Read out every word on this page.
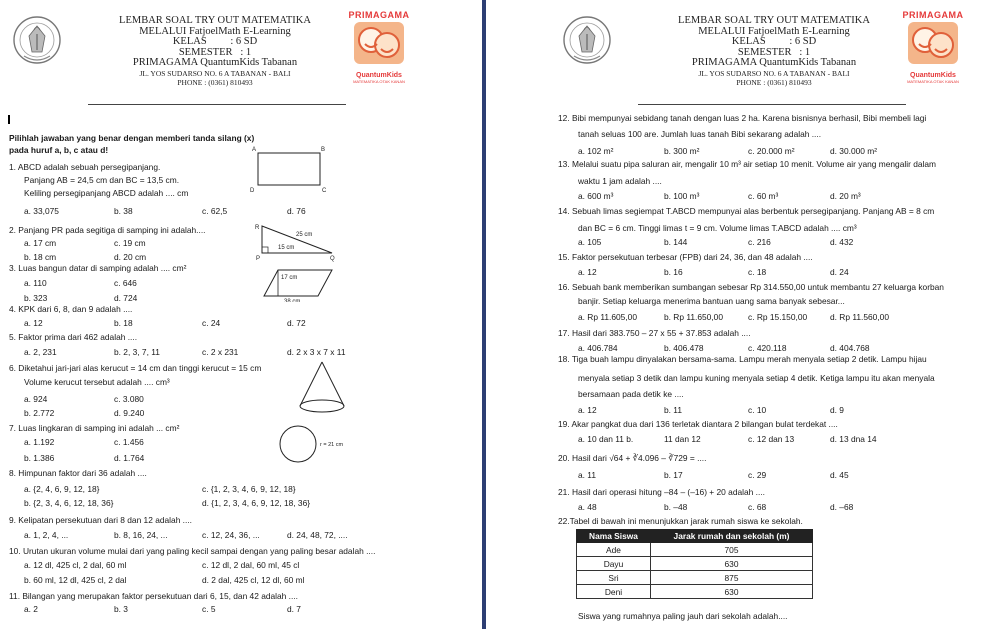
LEMBAR SOAL TRY OUT MATEMATIKA
MELALUI FatjoelMath E-Learning
KELAS : 6 SD
SEMESTER : 1
PRIMAGAMA QuantumKids Tabanan
JL. YOS SUDARSO NO. 6 A TABANAN - BALI
PHONE : (0361) 810493
PRIMAGAMA
QuantumKids
MATEMATIKA OTAK KANAN
1. ABCD adalah sebuah persegipanjang.
Panjang AB = 24,5 cm dan BC = 13,5 cm.
Keliling persegipanjang ABCD adalah .... cm
a. 33,075	b. 38	c. 62,5	d. 76
2. Panjang PR pada segitiga di samping ini adalah....
a. 17 cm	c. 19 cm
b. 18 cm	d. 20 cm
3. Luas bangun datar di samping adalah .... cm²
a. 110	c. 646
b. 323	d. 724
4. KPK dari 6, 8, dan 9 adalah ....
a. 12	b. 18	c. 24	d. 72
5. Faktor prima dari 462 adalah ....
a. 2, 231	b. 2, 3, 7, 11	c. 2 x 231	d. 2 x 3 x 7 x 11
6. Diketahui jari-jari alas kerucut = 14 cm dan tinggi kerucut = 15 cm
Volume kerucut tersebut adalah .... cm³
a. 924	c. 3.080
b. 2.772	d. 9.240
7. Luas lingkaran di samping ini adalah ... cm²
a. 1.192	c. 1.456
b. 1.386	d. 1.764
8. Himpunan faktor dari 36 adalah ....
a. {2, 4, 6, 9, 12, 18}	c. {1, 2, 3, 4, 6, 9, 12, 18}
b. {2, 3, 4, 6, 12, 18, 36}	d. {1, 2, 3, 4, 6, 9, 12, 18, 36}
9. Kelipatan persekutuan dari 8 dan 12 adalah ....
a. 1, 2, 4, ...	b. 8, 16, 24, ...	c. 12, 24, 36, ...	d. 24, 48, 72, ....
10. Urutan ukuran volume mulai dari yang paling kecil sampai dengan yang paling besar adalah ....
a. 12 dl, 425 cl, 2 dal, 60 ml	c. 12 dl, 2 dal, 60 ml, 45 cl
b. 60 ml, 12 dl, 425 cl, 2 dal	d. 2 dal, 425 cl, 12 dl, 60 ml
11. Bilangan yang merupakan faktor persekutuan dari 6, 15, dan 42 adalah ....
a. 2	b. 3	c. 5	d. 7
Pilihlah jawaban yang benar dengan memberi tanda silang (x)
pada huruf a, b, c atau d!	A	B
C
D
R
P	Q
25 cm
15 cm
17 cm
38 cm
r = 21 cm
LEMBAR SOAL TRY OUT MATEMATIKA
MELALUI FatjoelMath E-Learning
KELAS : 6 SD
SEMESTER : 1
PRIMAGAMA QuantumKids Tabanan
JL. YOS SUDARSO NO. 6 A TABANAN - BALI
PHONE : (0361) 810493
PRIMAGAMA
QuantumKids
MATEMATIKA OTAK KANAN
12. Bibi mempunyai sebidang tanah dengan luas 2 ha. Karena bisnisnya berhasil, Bibi membeli lagi
tanah seluas 100 are. Jumlah luas tanah Bibi sekarang adalah ....
a. 102 m²	b. 300 m²	c. 20.000 m²	d. 30.000 m²
13. Melalui suatu pipa saluran air, mengalir 10 m³ air setiap 10 menit. Volume air yang mengalir dalam
waktu 1 jam adalah ....
a. 600 m³	b. 100 m³	c. 60 m³	d. 20 m³
14. Sebuah limas segiempat T.ABCD mempunyai alas berbentuk persegipanjang. Panjang AB = 8 cm
dan BC = 6 cm. Tinggi limas t = 9 cm. Volume limas T.ABCD adalah .... cm³
a. 105	b. 144	c. 216	d. 432
15. Faktor persekutuan terbesar (FPB) dari 24, 36, dan 48 adalah ....
a. 12	b. 16	c. 18	d. 24
16. Sebuah bank memberikan sumbangan sebesar Rp 314.550,00 untuk membantu 27 keluarga korban
banjir. Setiap keluarga menerima bantuan uang sama banyak sebesar...
a. Rp 11.605,00	b. Rp 11.650,00	c. Rp 15.150,00	d. Rp 11.560,00
17. Hasil dari 383.750 – 27 x 55 + 37.853 adalah ....
a. 406.784	b. 406.478	c. 420.118	d. 404.768
18. Tiga buah lampu dinyalakan bersama-sama. Lampu merah menyala setiap 2 detik. Lampu hijau
menyala setiap 3 detik dan lampu kuning menyala setiap 4 detik. Ketiga lampu itu akan menyala
bersamaan pada detik ke ....
a. 12	b. 11	c. 10	d. 9
19. Akar pangkat dua dari 136 terletak diantara 2 bilangan bulat terdekat ....
a. 10 dan 11 b.	11 dan 12	c. 12 dan 13	d. 13 dna 14
20. Hasil dari √64 + ∛4.096 – ∛729 = ....
a. 11	b. 17	c. 29	d. 45
21. Hasil dari operasi hitung –84 – (–16) + 20 adalah ....
a. 48	b. –48	c. 68	d. –68
22.Tabel di bawah ini menunjukkan jarak rumah siswa ke sekolah.
Siswa yang rumahnya paling jauh dari sekolah adalah....
Nama Siswa	Jarak rumah dan sekolah (m)
Ade	705
Dayu	630
Sri	875
Deni	630
